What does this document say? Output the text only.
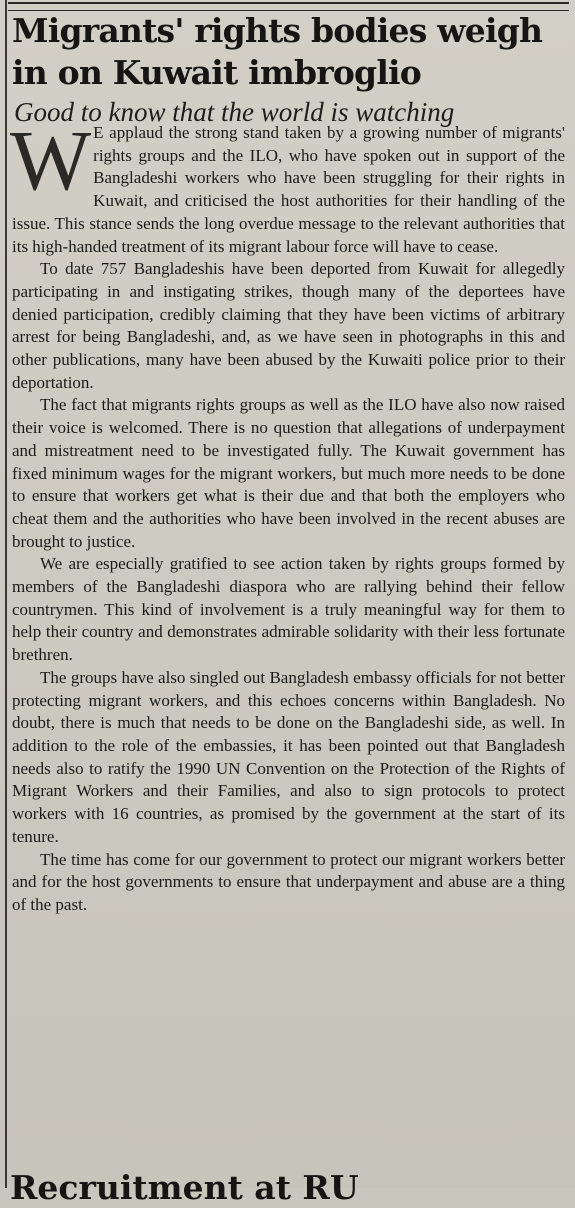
Migrants' rights bodies weigh in on Kuwait imbroglio
Good to know that the world is watching

W E applaud the strong stand taken by a growing number of migrants' rights groups and the ILO, who have spoken out in support of the Bangladeshi workers who have been struggling for their rights in Kuwait, and criticised the host authorities for their handling of the issue. This stance sends the long overdue message to the relevant authorities that its high-handed treatment of its migrant labour force will have to cease.

To date 757 Bangladeshis have been deported from Kuwait for allegedly participating in and instigating strikes, though many of the deportees have denied participation, credibly claiming that they have been victims of arbitrary arrest for being Bangladeshi, and, as we have seen in photographs in this and other publications, many have been abused by the Kuwaiti police prior to their deportation.

The fact that migrants rights groups as well as the ILO have also now raised their voice is welcomed. There is no question that allegations of underpayment and mistreatment need to be investigated fully. The Kuwait government has fixed minimum wages for the migrant workers, but much more needs to be done to ensure that workers get what is their due and that both the employers who cheat them and the authorities who have been involved in the recent abuses are brought to justice.

We are especially gratified to see action taken by rights groups formed by members of the Bangladeshi diaspora who are rallying behind their fellow countrymen. This kind of involvement is a truly meaningful way for them to help their country and demonstrates admirable solidarity with their less fortunate brethren.

The groups have also singled out Bangladesh embassy officials for not better protecting migrant workers, and this echoes concerns within Bangladesh. No doubt, there is much that needs to be done on the Bangladeshi side, as well. In addition to the role of the embassies, it has been pointed out that Bangladesh needs also to ratify the 1990 UN Convention on the Protection of the Rights of Migrant Workers and their Families, and also to sign protocols to protect workers with 16 countries, as promised by the government at the start of its tenure.

The time has come for our government to protect our migrant workers better and for the host governments to ensure that underpayment and abuse are a thing of the past.

Recruitment at RU
